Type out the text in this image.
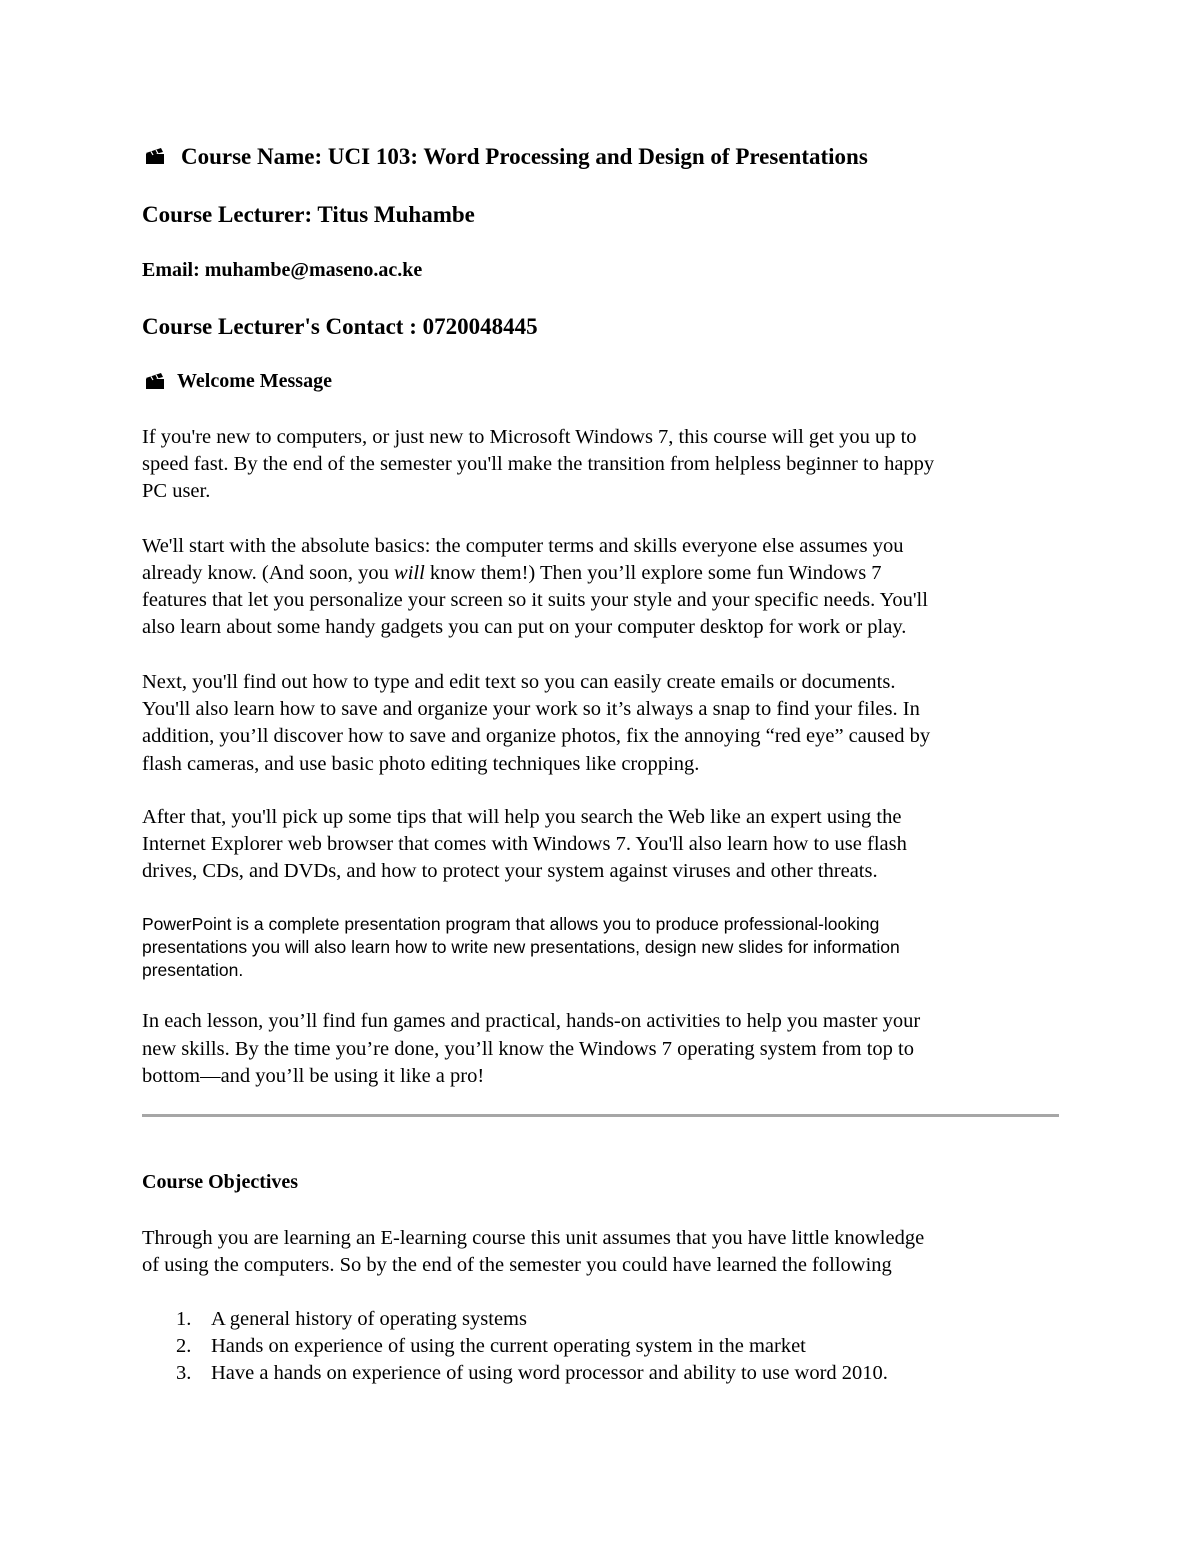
Course Name: UCI 103: Word Processing and Design of Presentations
Course Lecturer: Titus Muhambe
Email: muhambe@maseno.ac.ke
Course Lecturer's Contact : 0720048445
Welcome Message
If you're new to computers, or just new to Microsoft Windows 7, this course will get you up to
speed fast. By the end of the semester you'll make the transition from helpless beginner to happy
PC user.
We'll start with the absolute basics: the computer terms and skills everyone else assumes you
already know. (And soon, you will know them!) Then you’ll explore some fun Windows 7
features that let you personalize your screen so it suits your style and your specific needs. You'll
also learn about some handy gadgets you can put on your computer desktop for work or play.
Next, you'll find out how to type and edit text so you can easily create emails or documents.
You'll also learn how to save and organize your work so it’s always a snap to find your files. In
addition, you’ll discover how to save and organize photos, fix the annoying “red eye” caused by
flash cameras, and use basic photo editing techniques like cropping.
After that, you'll pick up some tips that will help you search the Web like an expert using the
Internet Explorer web browser that comes with Windows 7. You'll also learn how to use flash
drives, CDs, and DVDs, and how to protect your system against viruses and other threats.
PowerPoint is a complete presentation program that allows you to produce professional-looking
presentations you will also learn how to write new presentations, design new slides for information
presentation.
In each lesson, you’ll find fun games and practical, hands-on activities to help you master your
new skills. By the time you’re done, you’ll know the Windows 7 operating system from top to
bottom—and you’ll be using it like a pro!
Course Objectives
Through you are learning an E-learning course this unit assumes that you have little knowledge
of using the computers. So by the end of the semester you could have learned the following
1. A general history of operating systems
2. Hands on experience of using the current operating system in the market
3. Have a hands on experience of using word processor and ability to use word 2010.
